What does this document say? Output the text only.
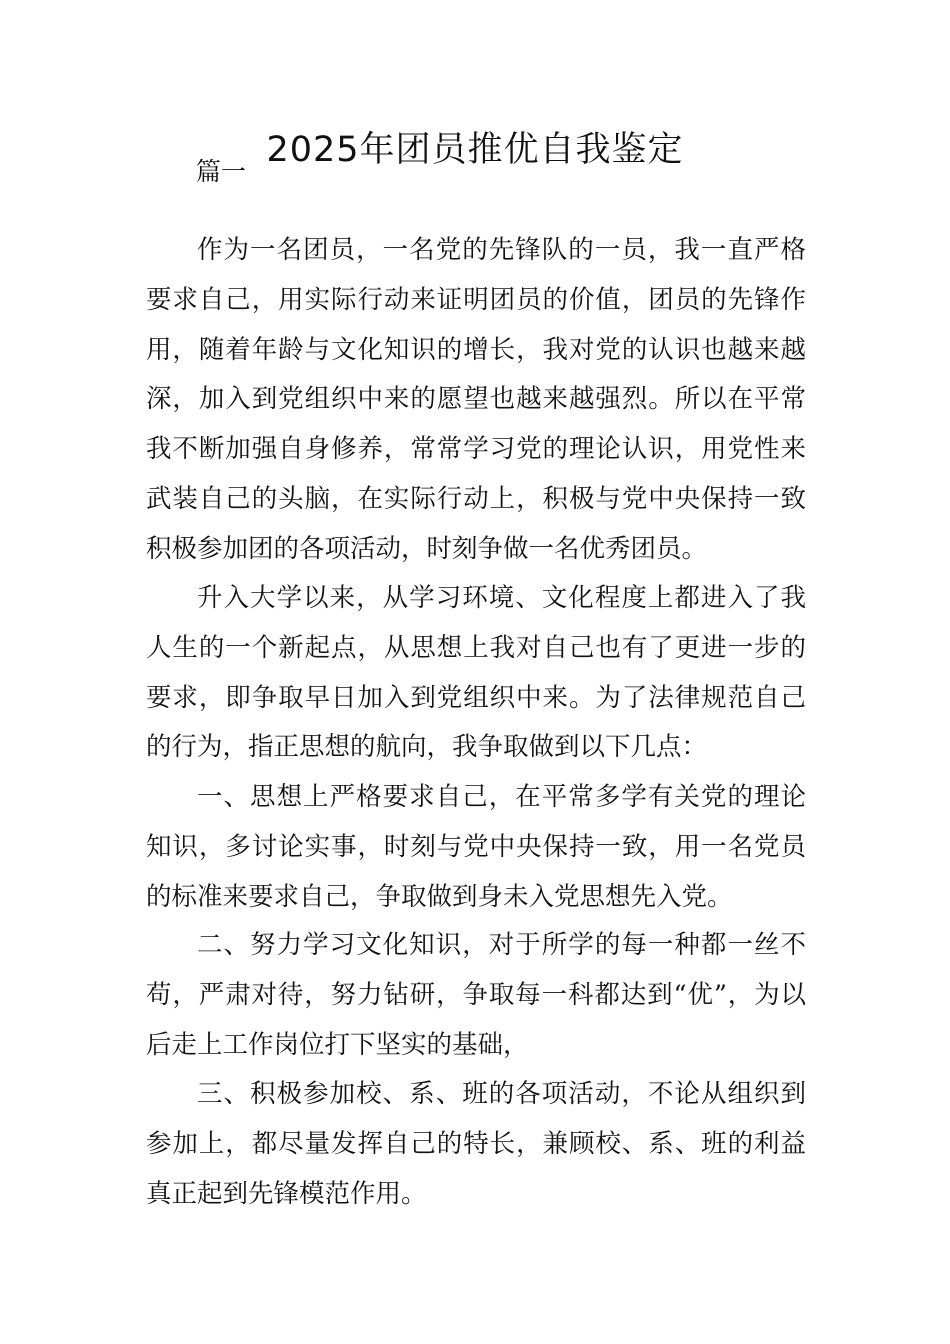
2025年团员推优自我鉴定
篇一

作为一名团员，一名党的先锋队的一员，我一直严格要求自己，用实际行动来证明团员的价值，团员的先锋作用，随着年龄与文化知识的增长，我对党的认识也越来越深，加入到党组织中来的愿望也越来越强烈。所以在平常我不断加强自身修养，常常学习党的理论认识，用党性来武装自己的头脑，在实际行动上，积极与党中央保持一致积极参加团的各项活动，时刻争做一名优秀团员。

升入大学以来，从学习环境、文化程度上都进入了我人生的一个新起点，从思想上我对自己也有了更进一步的要求，即争取早日加入到党组织中来。为了法律规范自己的行为，指正思想的航向，我争取做到以下几点：

一、思想上严格要求自己，在平常多学有关党的理论知识，多讨论实事，时刻与党中央保持一致，用一名党员的标准来要求自己，争取做到身未入党思想先入党。

二、努力学习文化知识，对于所学的每一种都一丝不苟，严肃对待，努力钻研，争取每一科都达到“优”，为以后走上工作岗位打下坚实的基础，

三、积极参加校、系、班的各项活动，不论从组织到参加上，都尽量发挥自己的特长，兼顾校、系、班的利益真正起到先锋模范作用。
